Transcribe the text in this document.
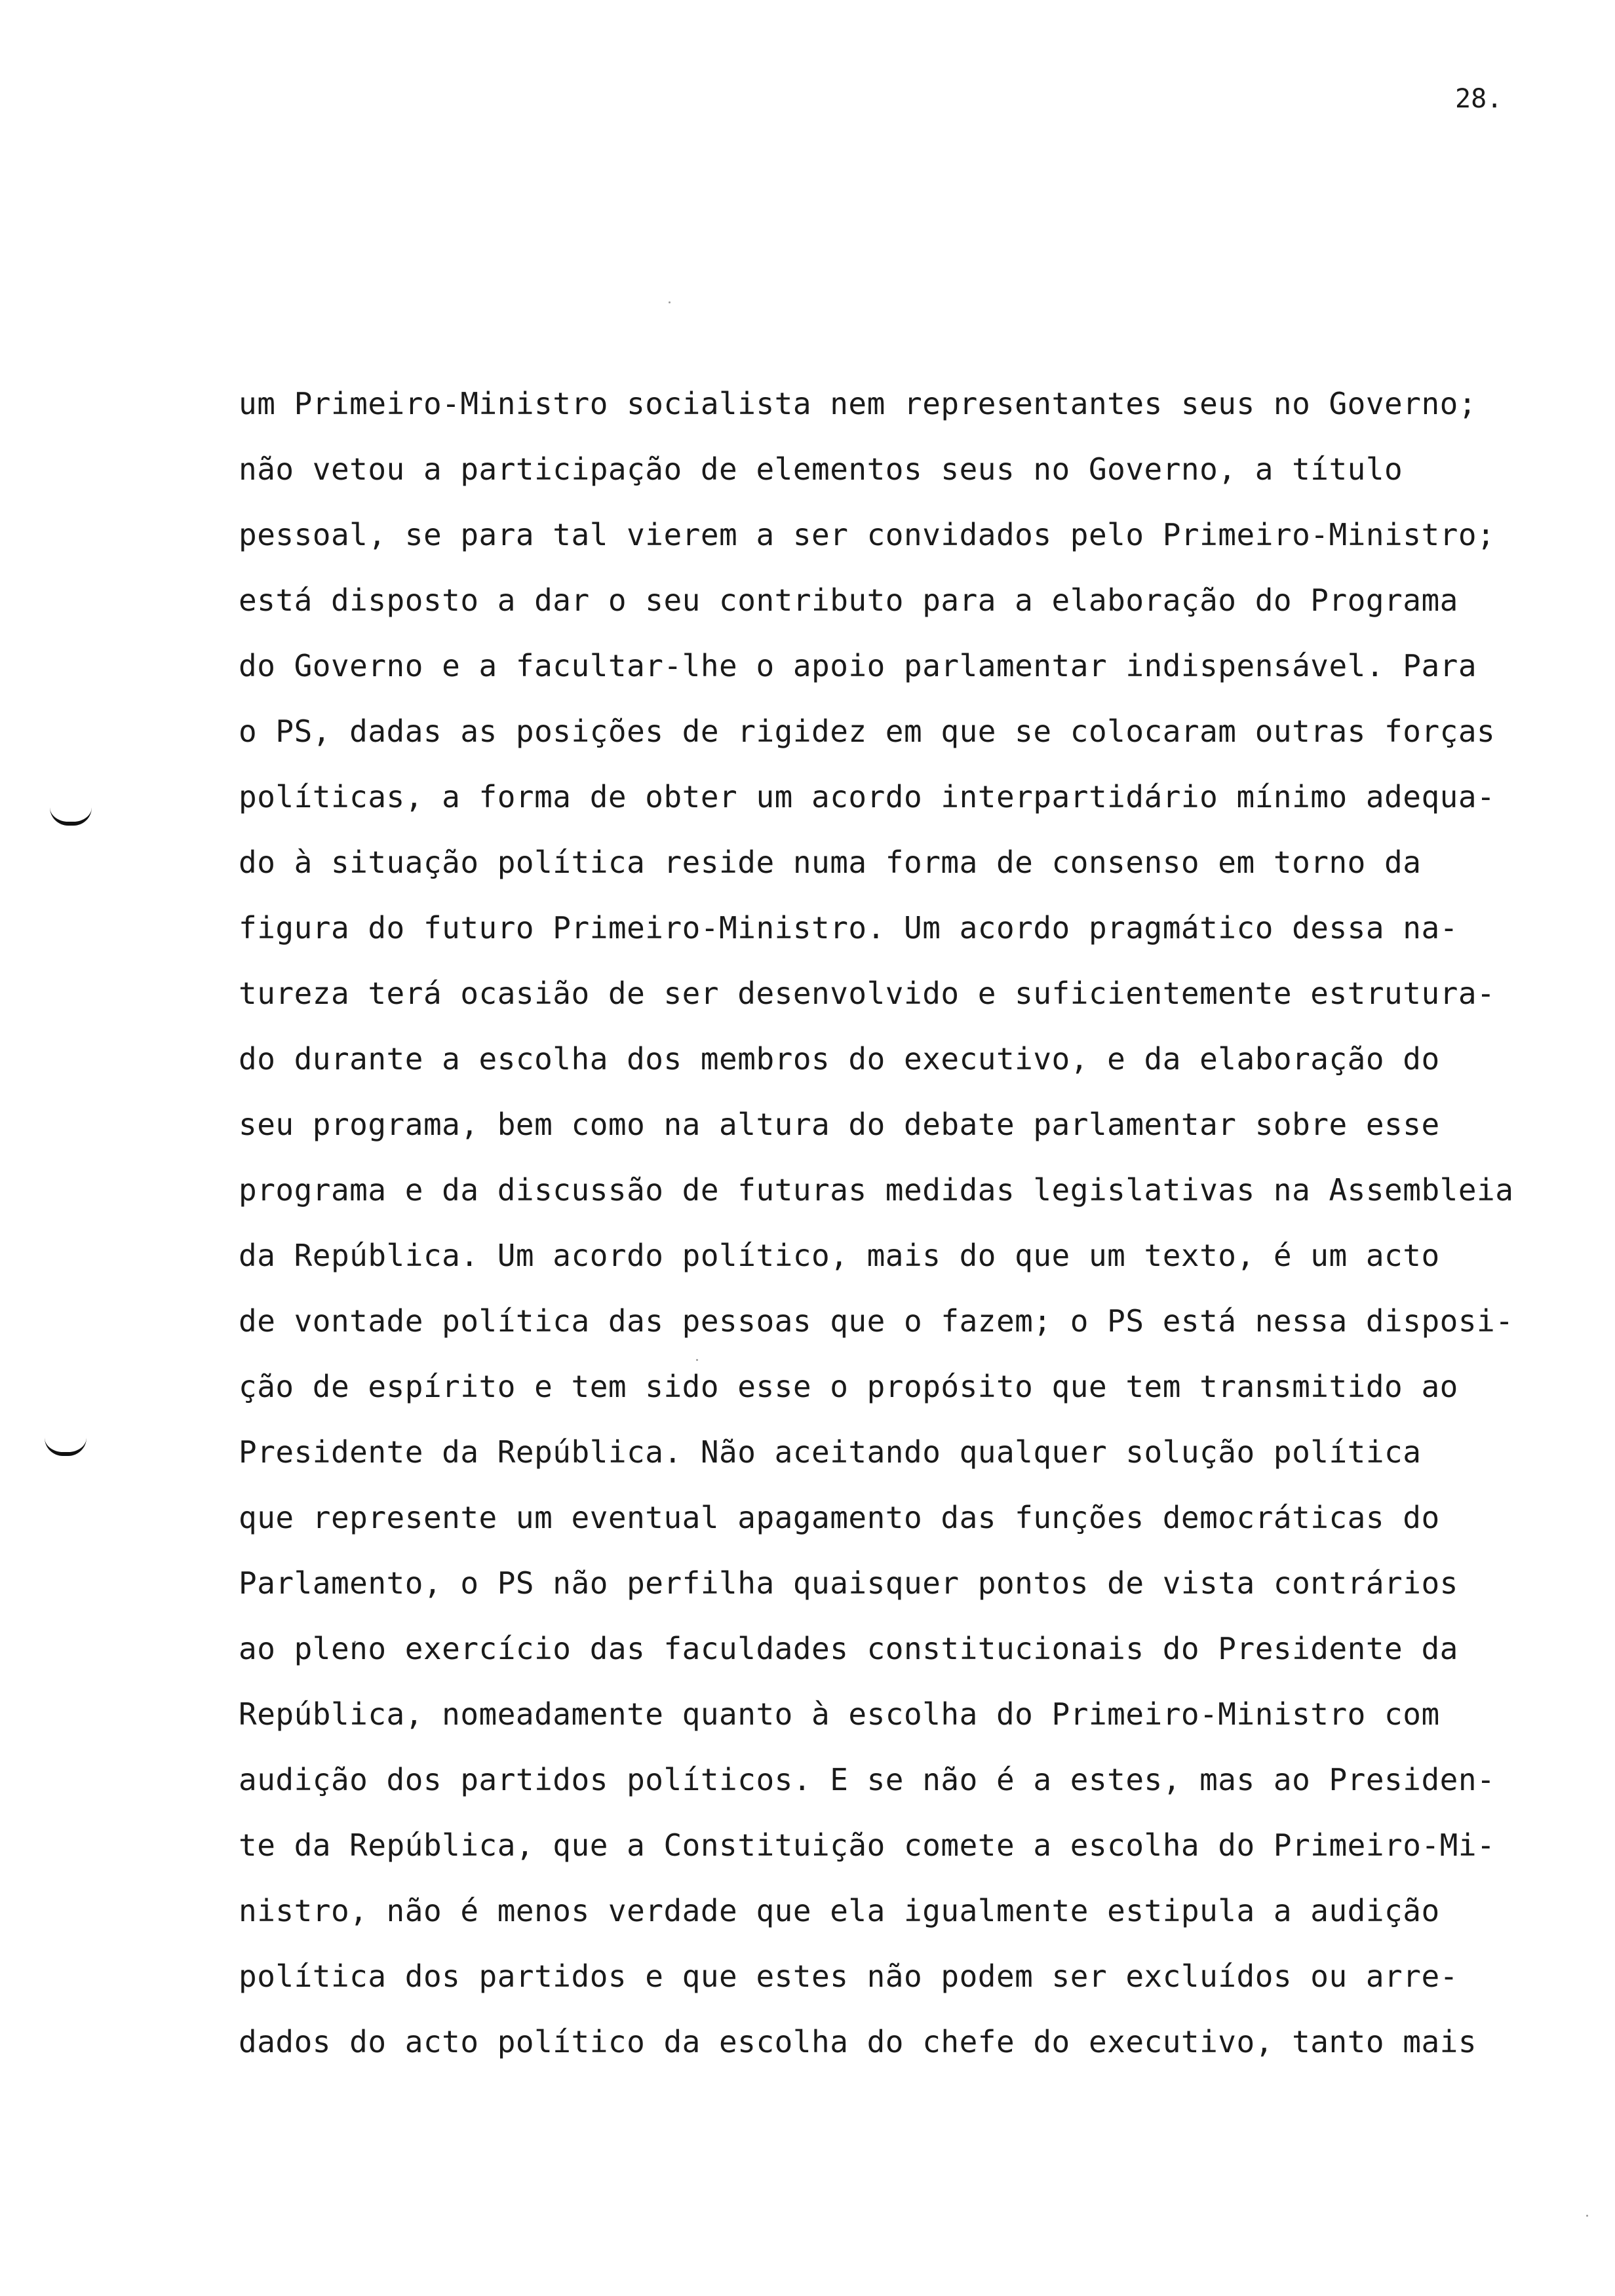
28.
um Primeiro-Ministro socialista nem representantes seus no Governo;
não vetou a participação de elementos seus no Governo, a título
pessoal, se para tal vierem a ser convidados pelo Primeiro-Ministro;
está disposto a dar o seu contributo para a elaboração do Programa
do Governo e a facultar-lhe o apoio parlamentar indispensável. Para
o PS, dadas as posições de rigidez em que se colocaram outras forças
políticas, a forma de obter um acordo interpartidário mínimo adequa-
do à situação política reside numa forma de consenso em torno da
figura do futuro Primeiro-Ministro. Um acordo pragmático dessa na-
tureza terá ocasião de ser desenvolvido e suficientemente estrutura-
do durante a escolha dos membros do executivo, e da elaboração do
seu programa, bem como na altura do debate parlamentar sobre esse
programa e da discussão de futuras medidas legislativas na Assembleia
da República. Um acordo político, mais do que um texto, é um acto
de vontade política das pessoas que o fazem; o PS está nessa disposi-
ção de espírito e tem sido esse o propósito que tem transmitido ao
Presidente da República. Não aceitando qualquer solução política
que represente um eventual apagamento das funções democráticas do
Parlamento, o PS não perfilha quaisquer pontos de vista contrários
ao pleno exercício das faculdades constitucionais do Presidente da
República, nomeadamente quanto à escolha do Primeiro-Ministro com
audição dos partidos políticos. E se não é a estes, mas ao Presiden-
te da República, que a Constituição comete a escolha do Primeiro-Mi-
nistro, não é menos verdade que ela igualmente estipula a audição
política dos partidos e que estes não podem ser excluídos ou arre-
dados do acto político da escolha do chefe do executivo, tanto mais
